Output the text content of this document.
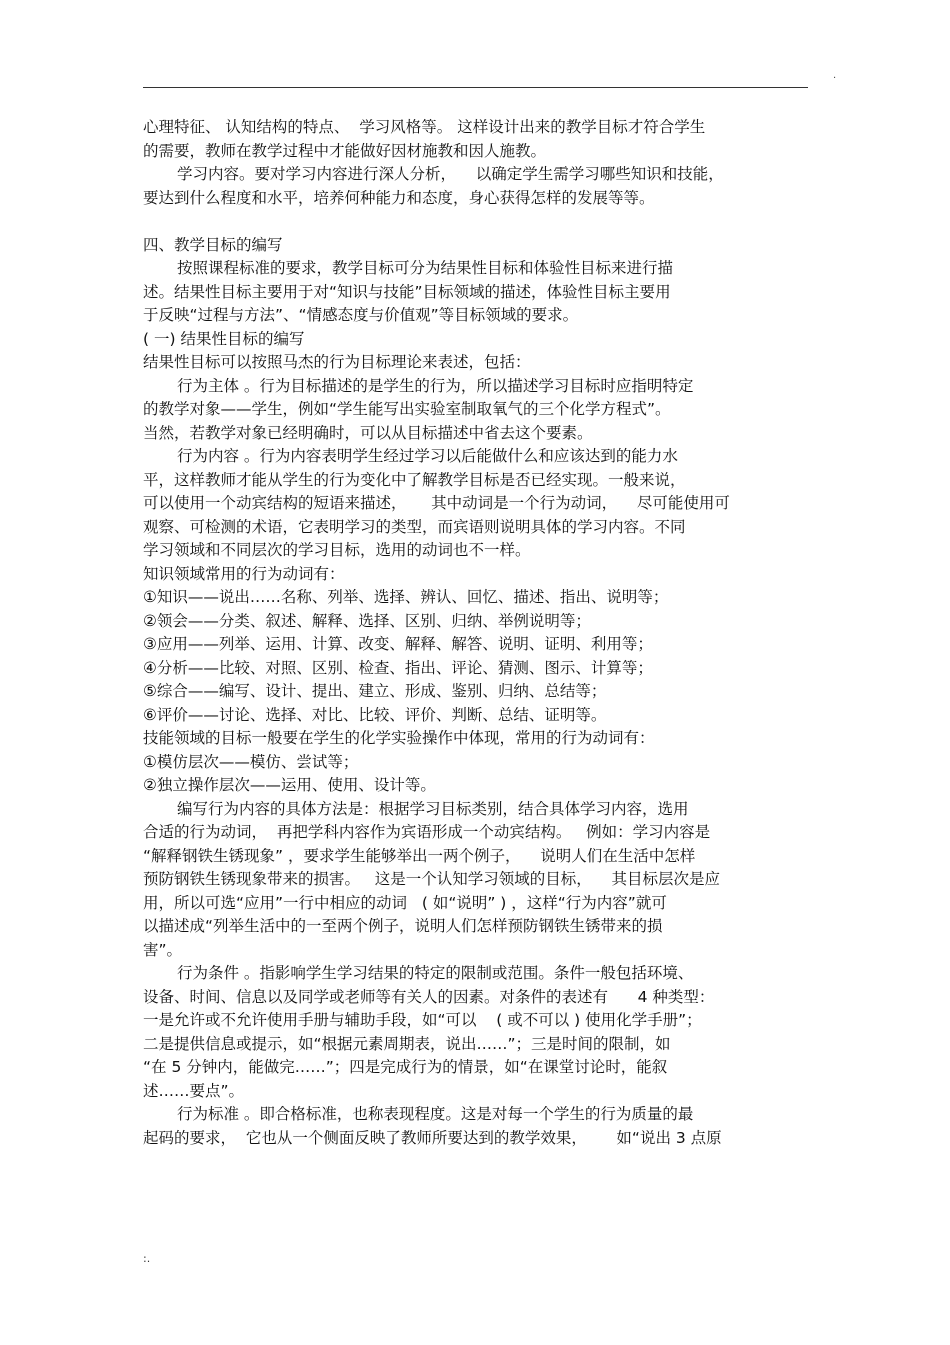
.
心理特征、 认知结构的特点、  学习风格等。 这样设计出来的教学目标才符合学生
的需要，教师在教学过程中才能做好因材施教和因人施教。
学习内容。要对学习内容进行深人分析，    以确定学生需学习哪些知识和技能，
要达到什么程度和水平，培养何种能力和态度，身心获得怎样的发展等等。
四、教学目标的编写
按照课程标准的要求，教学目标可分为结果性目标和体验性目标来进行描
述。结果性目标主要用于对“知识与技能”目标领域的描述，体验性目标主要用
于反映“过程与方法”、“情感态度与价值观”等目标领域的要求。
( 一) 结果性目标的编写
结果性目标可以按照马杰的行为目标理论来表述，包括：
行为主体 。行为目标描述的是学生的行为，所以描述学习目标时应指明特定
的教学对象——学生，例如“学生能写出实验室制取氧气的三个化学方程式”。
当然，若教学对象已经明确时，可以从目标描述中省去这个要素。
行为内容 。行为内容表明学生经过学习以后能做什么和应该达到的能力水
平，这样教师才能从学生的行为变化中了解教学目标是否已经实现。一般来说，
可以使用一个动宾结构的短语来描述，     其中动词是一个行为动词，    尽可能使用可
观察、可检测的术语，它表明学习的类型，而宾语则说明具体的学习内容。不同
学习领域和不同层次的学习目标，选用的动词也不一样。
知识领域常用的行为动词有：
①知识——说出……名称、列举、选择、辨认、回忆、描述、指出、说明等；
②领会——分类、叙述、解释、选择、区别、归纳、举例说明等；
③应用——列举、运用、计算、改变、解释、解答、说明、证明、利用等；
④分析——比较、对照、区别、检查、指出、评论、猜测、图示、计算等；
⑤综合——编写、设计、提出、建立、形成、鉴别、归纳、总结等；
⑥评价——讨论、选择、对比、比较、评价、判断、总结、证明等。
技能领域的目标一般要在学生的化学实验操作中体现，常用的行为动词有：
①模仿层次——模仿、尝试等；
②独立操作层次——运用、使用、设计等。
编写行为内容的具体方法是：根据学习目标类别，结合具体学习内容，选用
合适的行为动词，  再把学科内容作为宾语形成一个动宾结构。   例如：学习内容是
“解释钢铁生锈现象” ，要求学生能够举出一两个例子，    说明人们在生活中怎样
预防钢铁生锈现象带来的损害。   这是一个认知学习领域的目标，    其目标层次是应
用，所以可选“应用”一行中相应的动词   ( 如“说明” ) ，这样“行为内容”就可
以描述成“列举生活中的一至两个例子，说明人们怎样预防钢铁生锈带来的损
害”。
行为条件 。指影响学生学习结果的特定的限制或范围。条件一般包括环境、
设备、时间、信息以及同学或老师等有关人的因素。对条件的表述有      4 种类型：
一是允许或不允许使用手册与辅助手段，如“可以    ( 或不可以 ) 使用化学手册”；
二是提供信息或提示，如“根据元素周期表，说出……”；三是时间的限制，如
“在 5 分钟内，能做完……”；四是完成行为的情景，如“在课堂讨论时，能叙
述……要点”。
行为标准 。即合格标准，也称表现程度。这是对每一个学生的行为质量的最
起码的要求，  它也从一个侧面反映了教师所要达到的教学效果，      如“说出 3 点原
:.
